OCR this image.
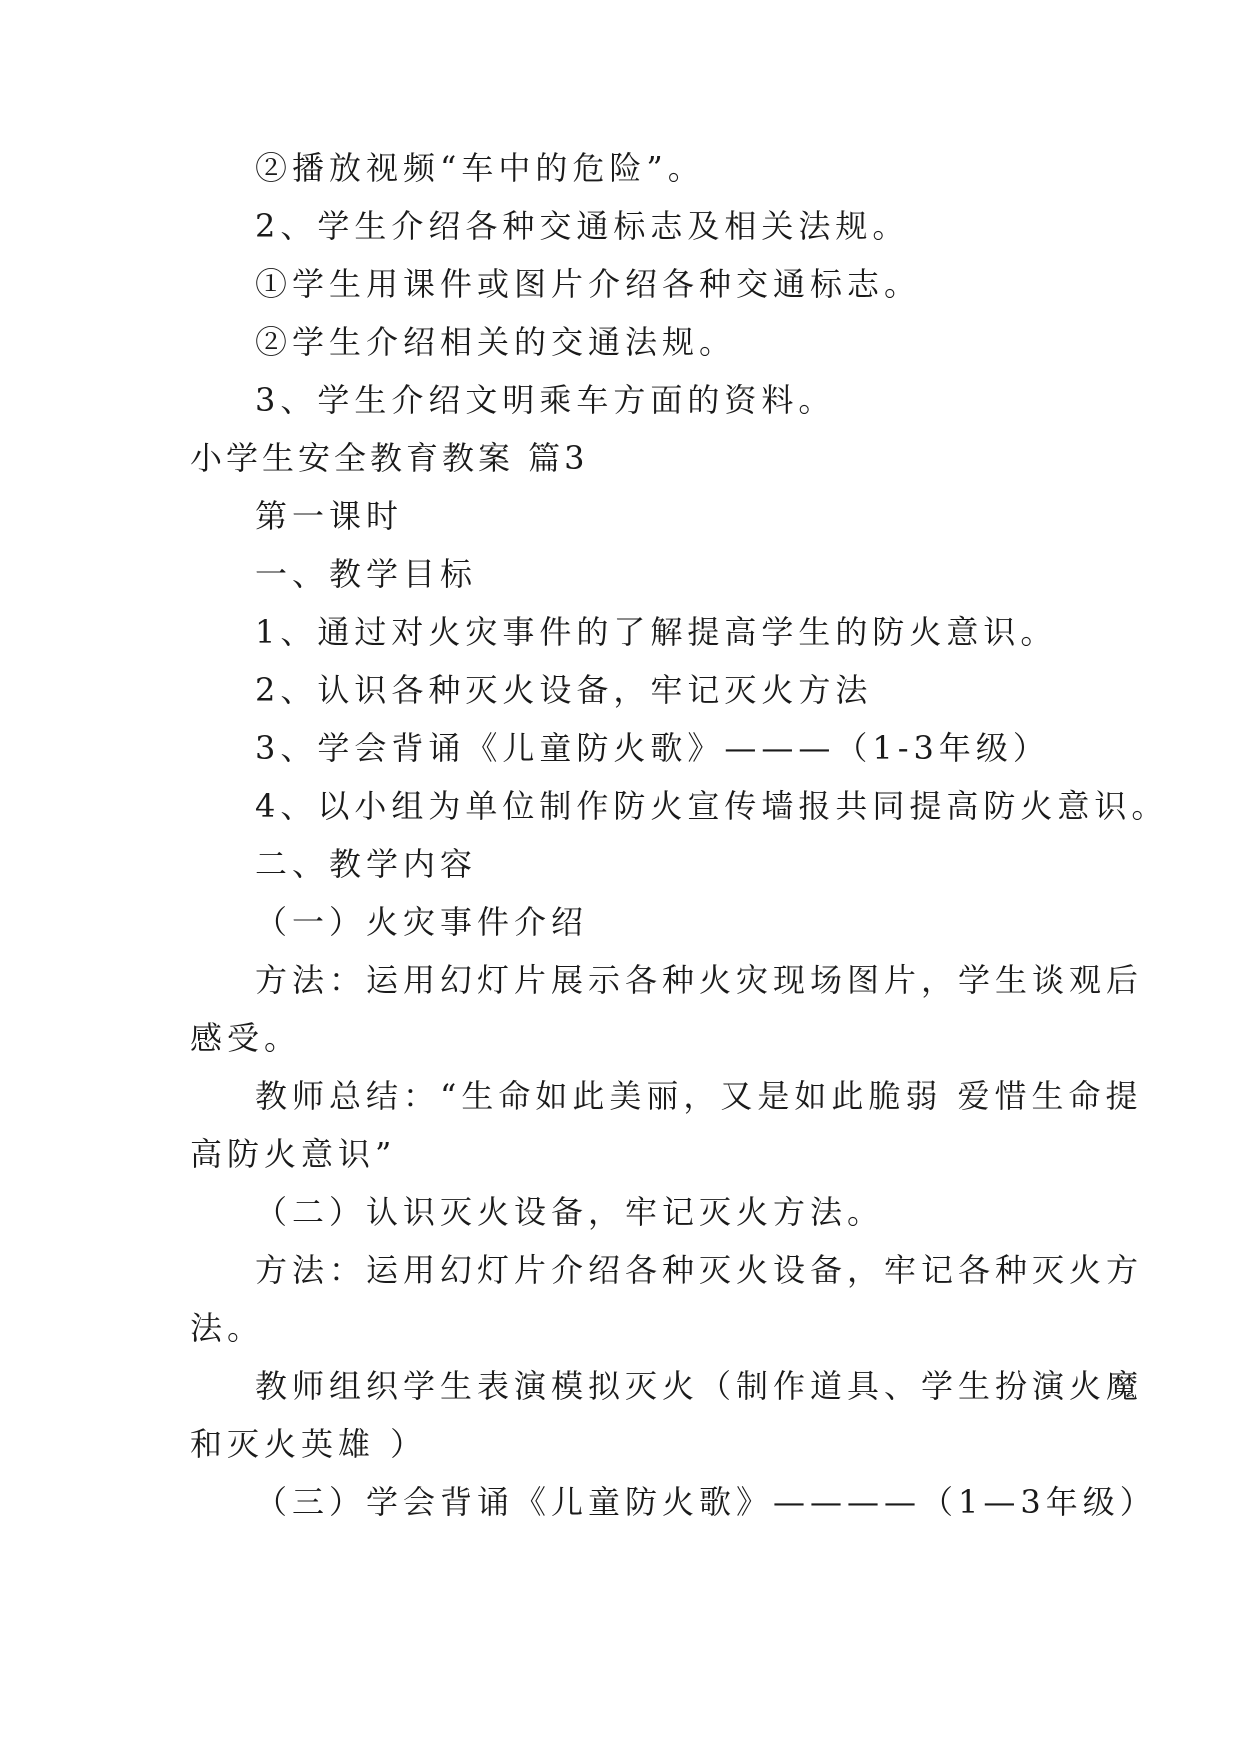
②播放视频“车中的危险”。

2、学生介绍各种交通标志及相关法规。

①学生用课件或图片介绍各种交通标志。

②学生介绍相关的交通法规。

3、学生介绍文明乘车方面的资料。

小学生安全教育教案 篇3

第一课时

一、教学目标

1、通过对火灾事件的了解提高学生的防火意识。

2、认识各种灭火设备，牢记灭火方法

3、学会背诵《儿童防火歌》———（1-3年级）

4、以小组为单位制作防火宣传墙报共同提高防火意识。

二、教学内容

（一）火灾事件介绍

方法：运用幻灯片展示各种火灾现场图片，学生谈观后

感受。

教师总结：“生命如此美丽，又是如此脆弱 爱惜生命提

高防火意识”

（二）认识灭火设备，牢记灭火方法。

方法：运用幻灯片介绍各种灭火设备，牢记各种灭火方

法。

教师组织学生表演模拟灭火（制作道具、学生扮演火魔

和灭火英雄 ）

（三）学会背诵《儿童防火歌》————（1—3年级）
